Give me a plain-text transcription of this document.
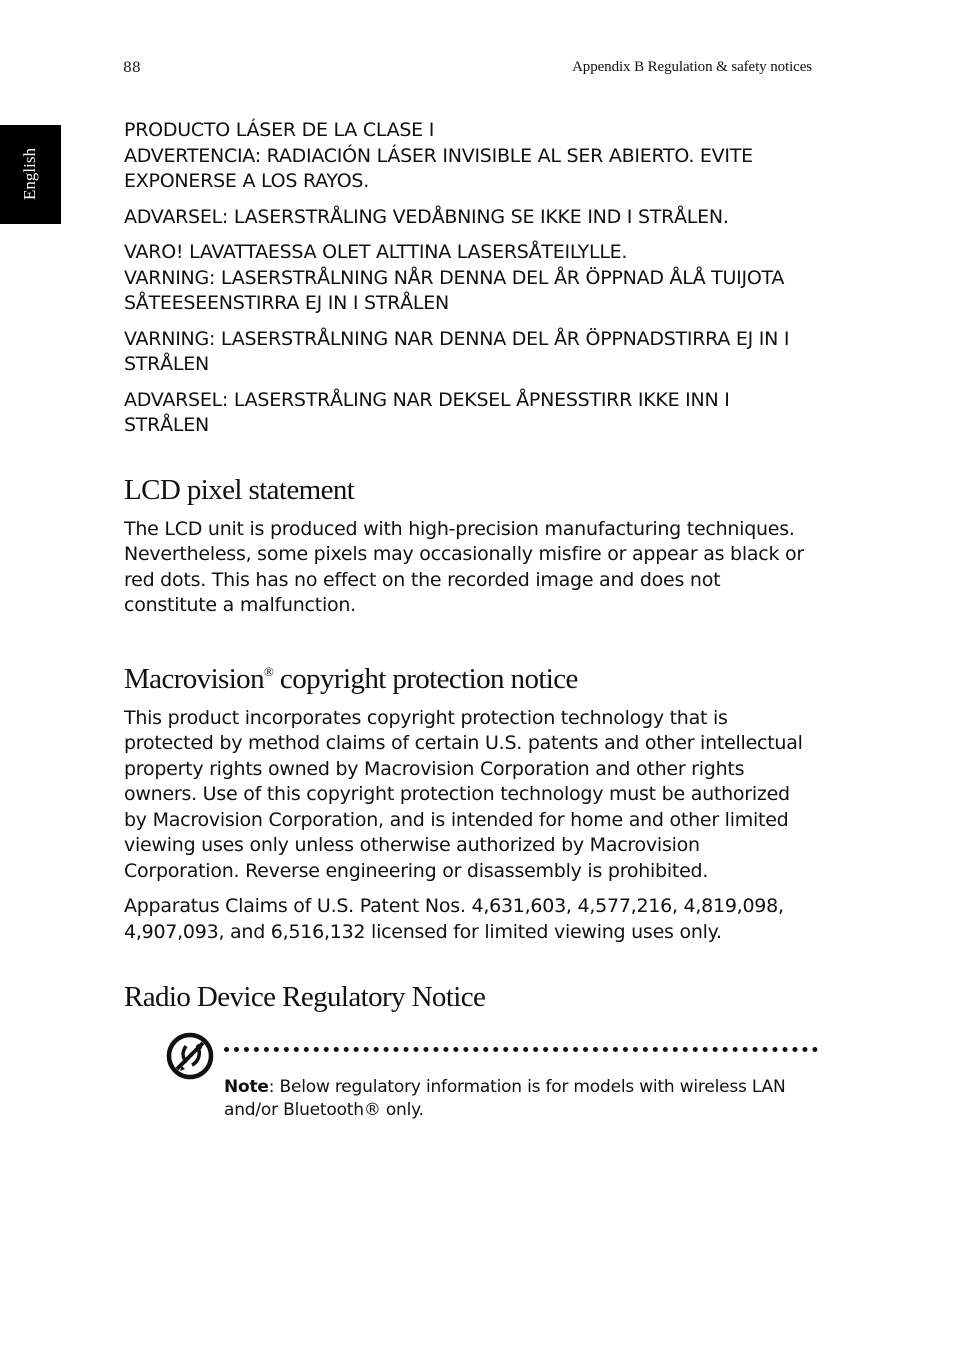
88	Appendix B Regulation & safety notices
English

PRODUCTO LÁSER DE LA CLASE I
ADVERTENCIA: RADIACIÓN LÁSER INVISIBLE AL SER ABIERTO. EVITE EXPONERSE A LOS RAYOS.

ADVARSEL: LASERSTRÅLING VEDÅBNING SE IKKE IND I STRÅLEN.

VARO! LAVATTAESSA OLET ALTTINA LASERSÅTEILYLLE.
VARNING: LASERSTRÅLNING NÅR DENNA DEL ÅR ÖPPNAD ÅLÅ TUIJOTA SÅTEESEENSTIRRA EJ IN I STRÅLEN

VARNING: LASERSTRÅLNING NAR DENNA DEL ÅR ÖPPNADSTIRRA EJ IN I STRÅLEN

ADVARSEL: LASERSTRÅLING NAR DEKSEL ÅPNESSTIRR IKKE INN I STRÅLEN

LCD pixel statement

The LCD unit is produced with high-precision manufacturing techniques. Nevertheless, some pixels may occasionally misfire or appear as black or red dots. This has no effect on the recorded image and does not constitute a malfunction.

Macrovision® copyright protection notice

This product incorporates copyright protection technology that is protected by method claims of certain U.S. patents and other intellectual property rights owned by Macrovision Corporation and other rights owners. Use of this copyright protection technology must be authorized by Macrovision Corporation, and is intended for home and other limited viewing uses only unless otherwise authorized by Macrovision Corporation. Reverse engineering or disassembly is prohibited.

Apparatus Claims of U.S. Patent Nos. 4,631,603, 4,577,216, 4,819,098, 4,907,093, and 6,516,132 licensed for limited viewing uses only.

Radio Device Regulatory Notice
Note: Below regulatory information is for models with wireless LAN and/or Bluetooth® only.
